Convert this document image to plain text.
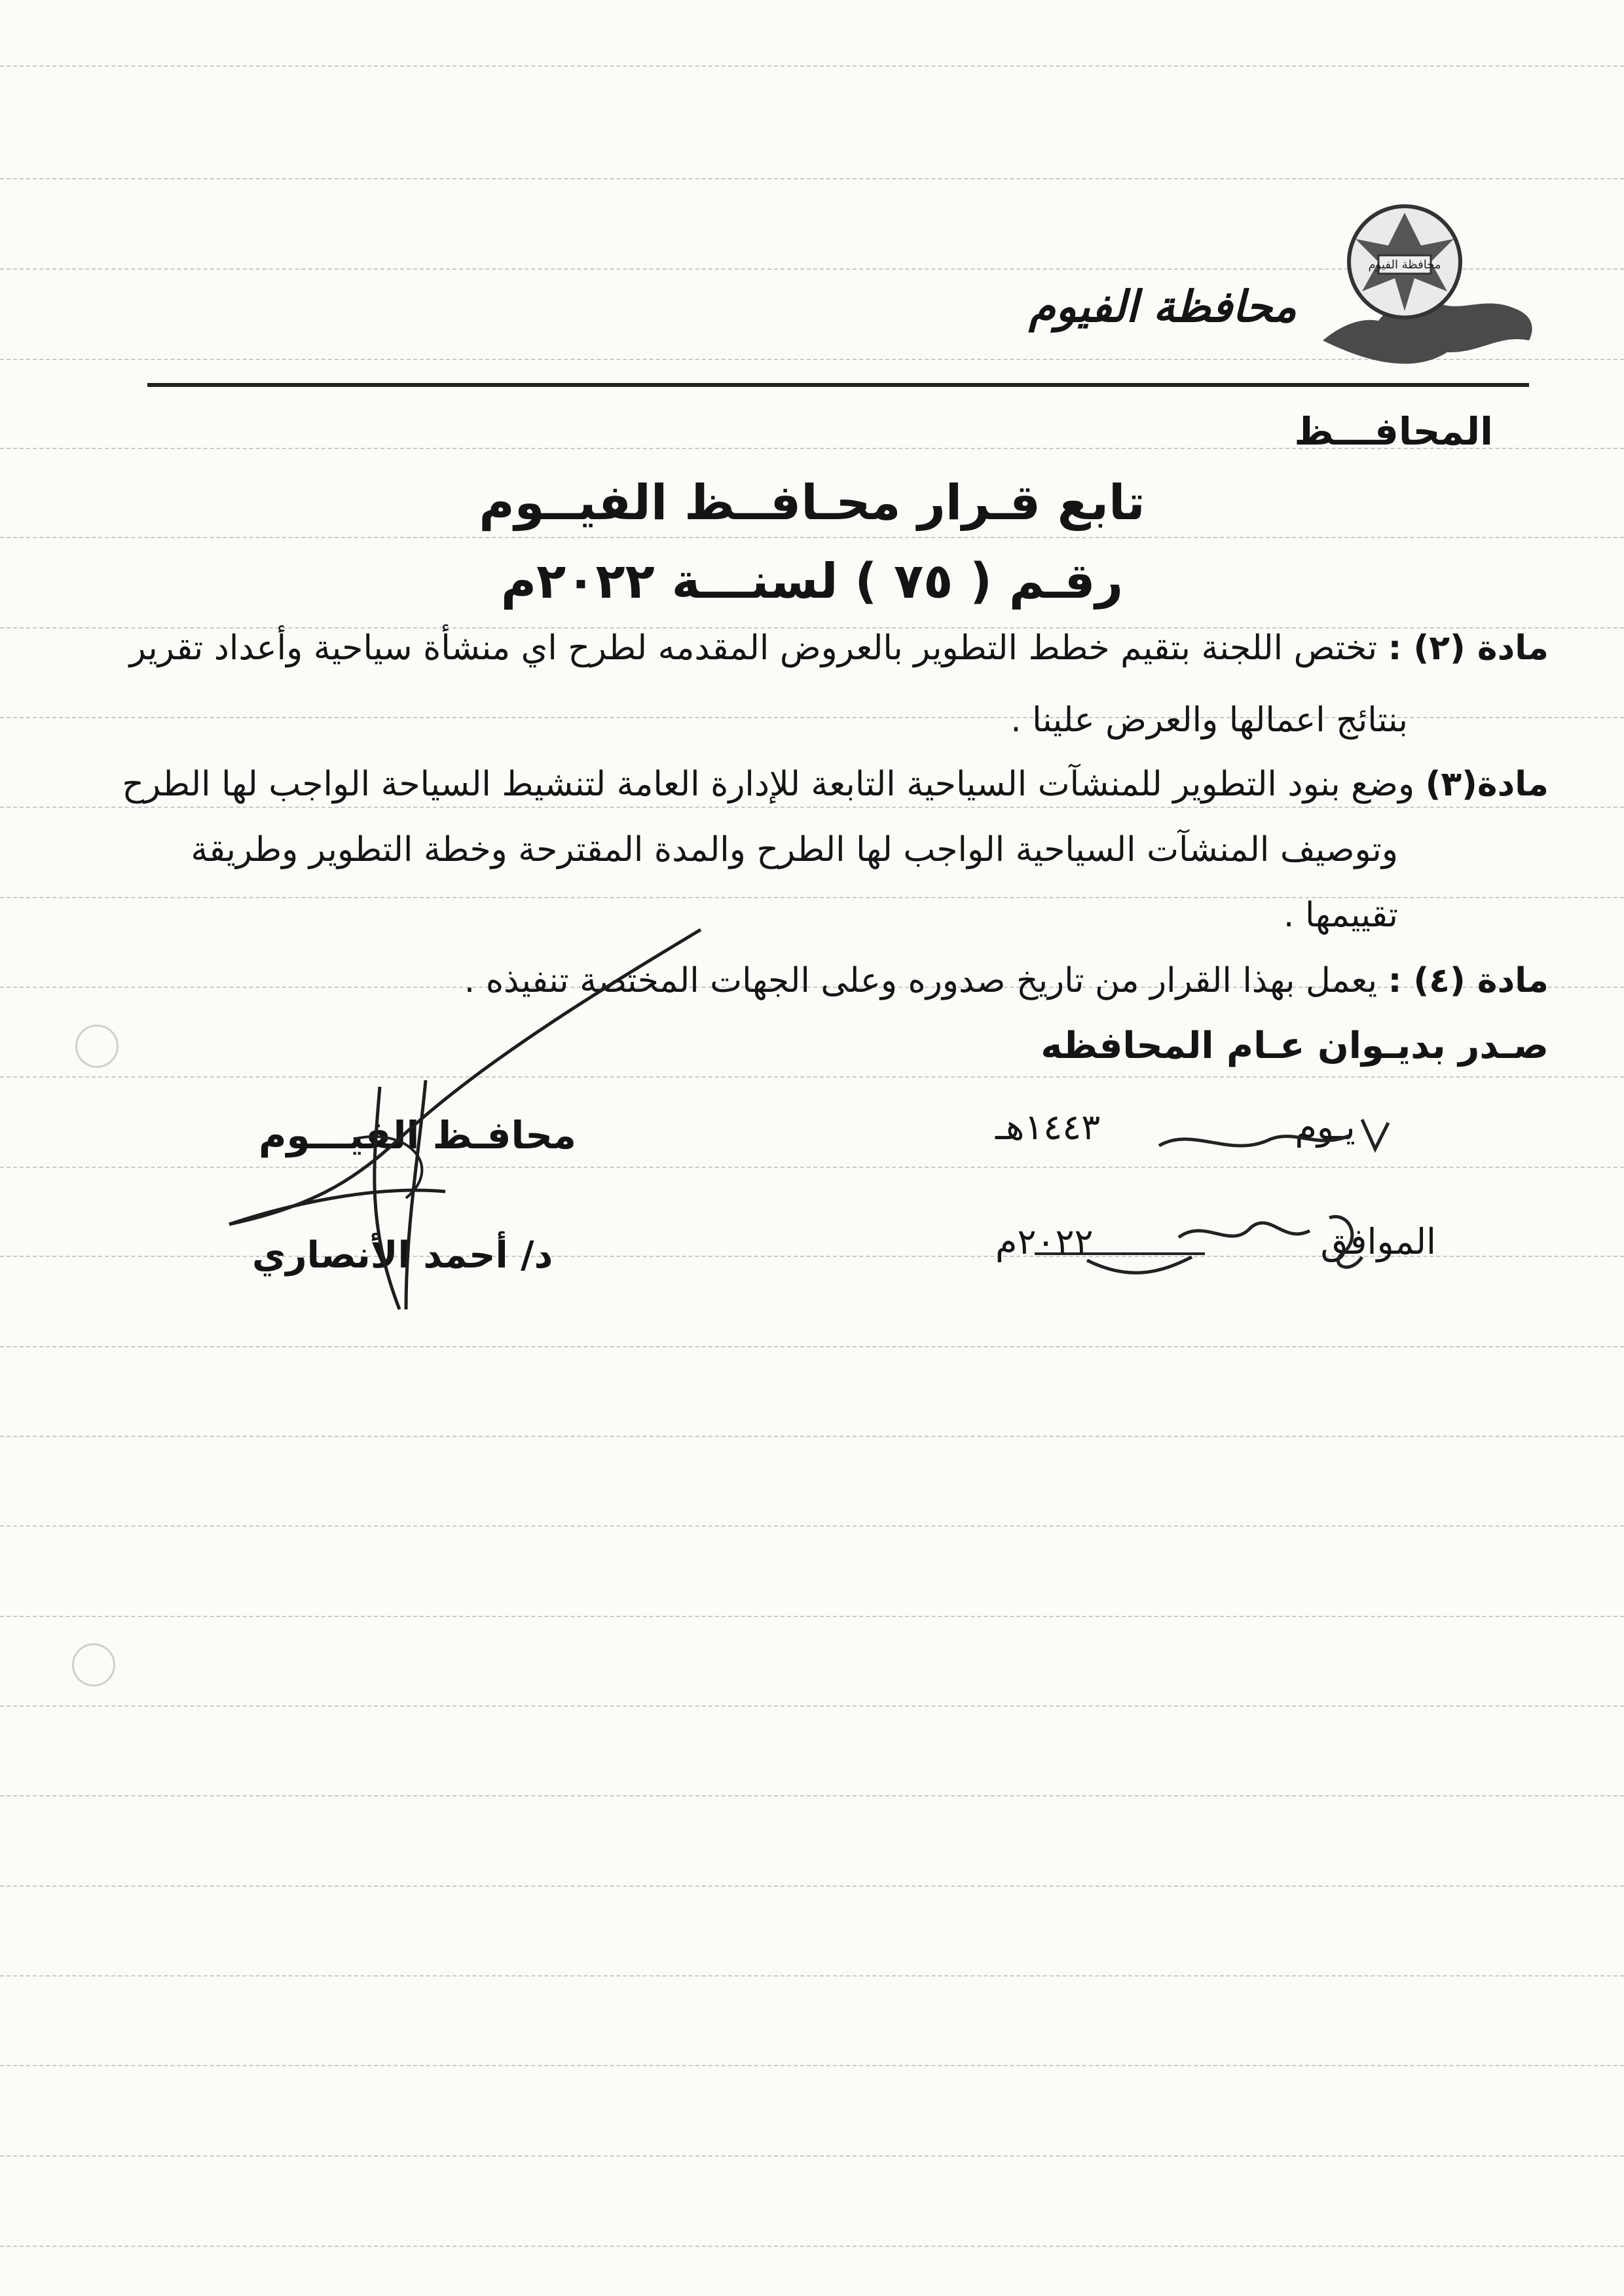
محافظة الفيوم
محافظة الفيوم
المحافـــظ
تابع قـرار محـافــظ الفيــوم
رقـم ( ٧٥ ) لسنـــة ٢٠٢٢م
مادة (٢) : تختص اللجنة بتقيم خطط التطوير بالعروض المقدمه لطرح اي منشأة سياحية وأعداد تقرير
بنتائج اعمالها والعرض علينا .
مادة(٣) وضع بنود التطوير للمنشآت السياحية التابعة للإدارة العامة لتنشيط السياحة الواجب لها الطرح
وتوصيف المنشآت السياحية الواجب لها الطرح والمدة المقترحة وخطة التطوير وطريقة
تقييمها .
مادة (٤) : يعمل بهذا القرار من تاريخ صدوره وعلى الجهات المختصة تنفيذه .
صـدر بديـوان عـام المحافظه
يـوم ١٤٤٣هـ
الموافق ٢٠٢٢م
محافـظ الفيـــوم
د/ أحمد الأنصاري
